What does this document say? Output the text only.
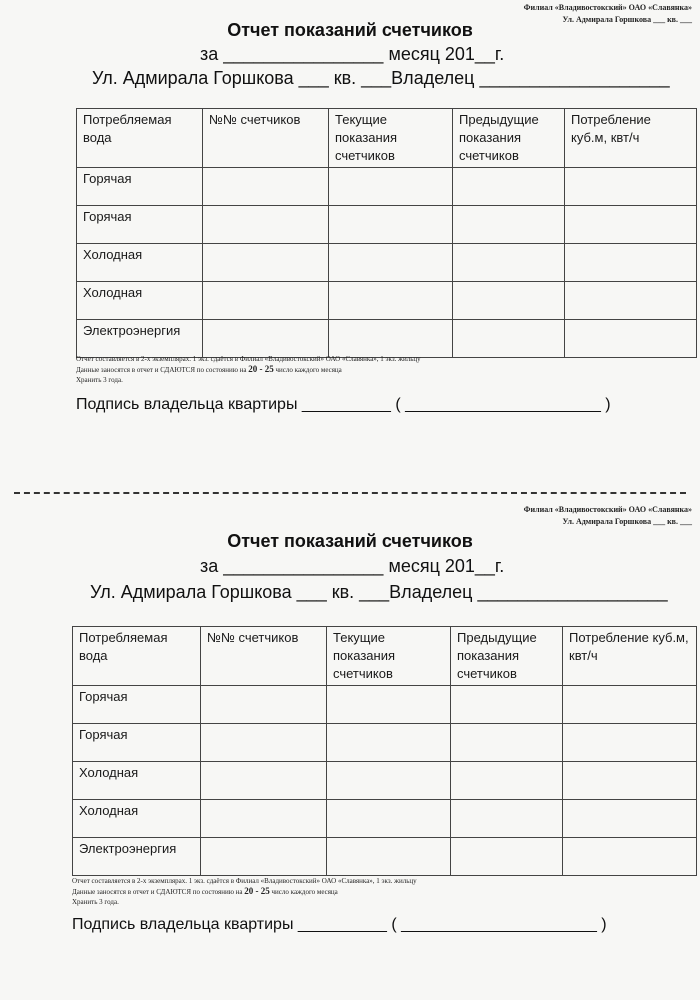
Филиал «Владивостокский» ОАО «Славянка»
Ул. Адмирала Горшкова ___ кв. ___
Отчет показаний счетчиков
за ________________ месяц 201__г.
Ул. Адмирала Горшкова ___ кв. ___Владелец ___________________
Потребляемая вода	№№ счетчиков	Текущие показания счетчиков	Предыдущие показания счетчиков	Потребление куб.м, квт/ч
Горячая				
Горячая				
Холодная				
Холодная				
Электроэнергия				
Отчет составляется в 2-х экземплярах. 1 экз. сдаётся в Филиал «Владивостокский» ОАО «Славянка», 1 экз. жильцу
Данные заносятся в отчет и СДАЮТСЯ по состоянию на 20 - 25 число каждого месяца
Хранить 3 года.
Подпись владельца квартиры __________ ( ______________________ )
Филиал «Владивостокский» ОАО «Славянка»
Ул. Адмирала Горшкова ___ кв. ___
Отчет показаний счетчиков
за ________________ месяц 201__г.
Ул. Адмирала Горшкова ___ кв. ___Владелец ___________________
Потребляемая вода	№№ счетчиков	Текущие показания счетчиков	Предыдущие показания счетчиков	Потребление куб.м, квт/ч
Горячая				
Горячая				
Холодная				
Холодная				
Электроэнергия				
Отчет составляется в 2-х экземплярах. 1 экз. сдаётся в Филиал «Владивостокский» ОАО «Славянка», 1 экз. жильцу
Данные заносятся в отчет и СДАЮТСЯ по состоянию на 20 - 25 число каждого месяца
Хранить 3 года.
Подпись владельца квартиры __________ ( ______________________ )
